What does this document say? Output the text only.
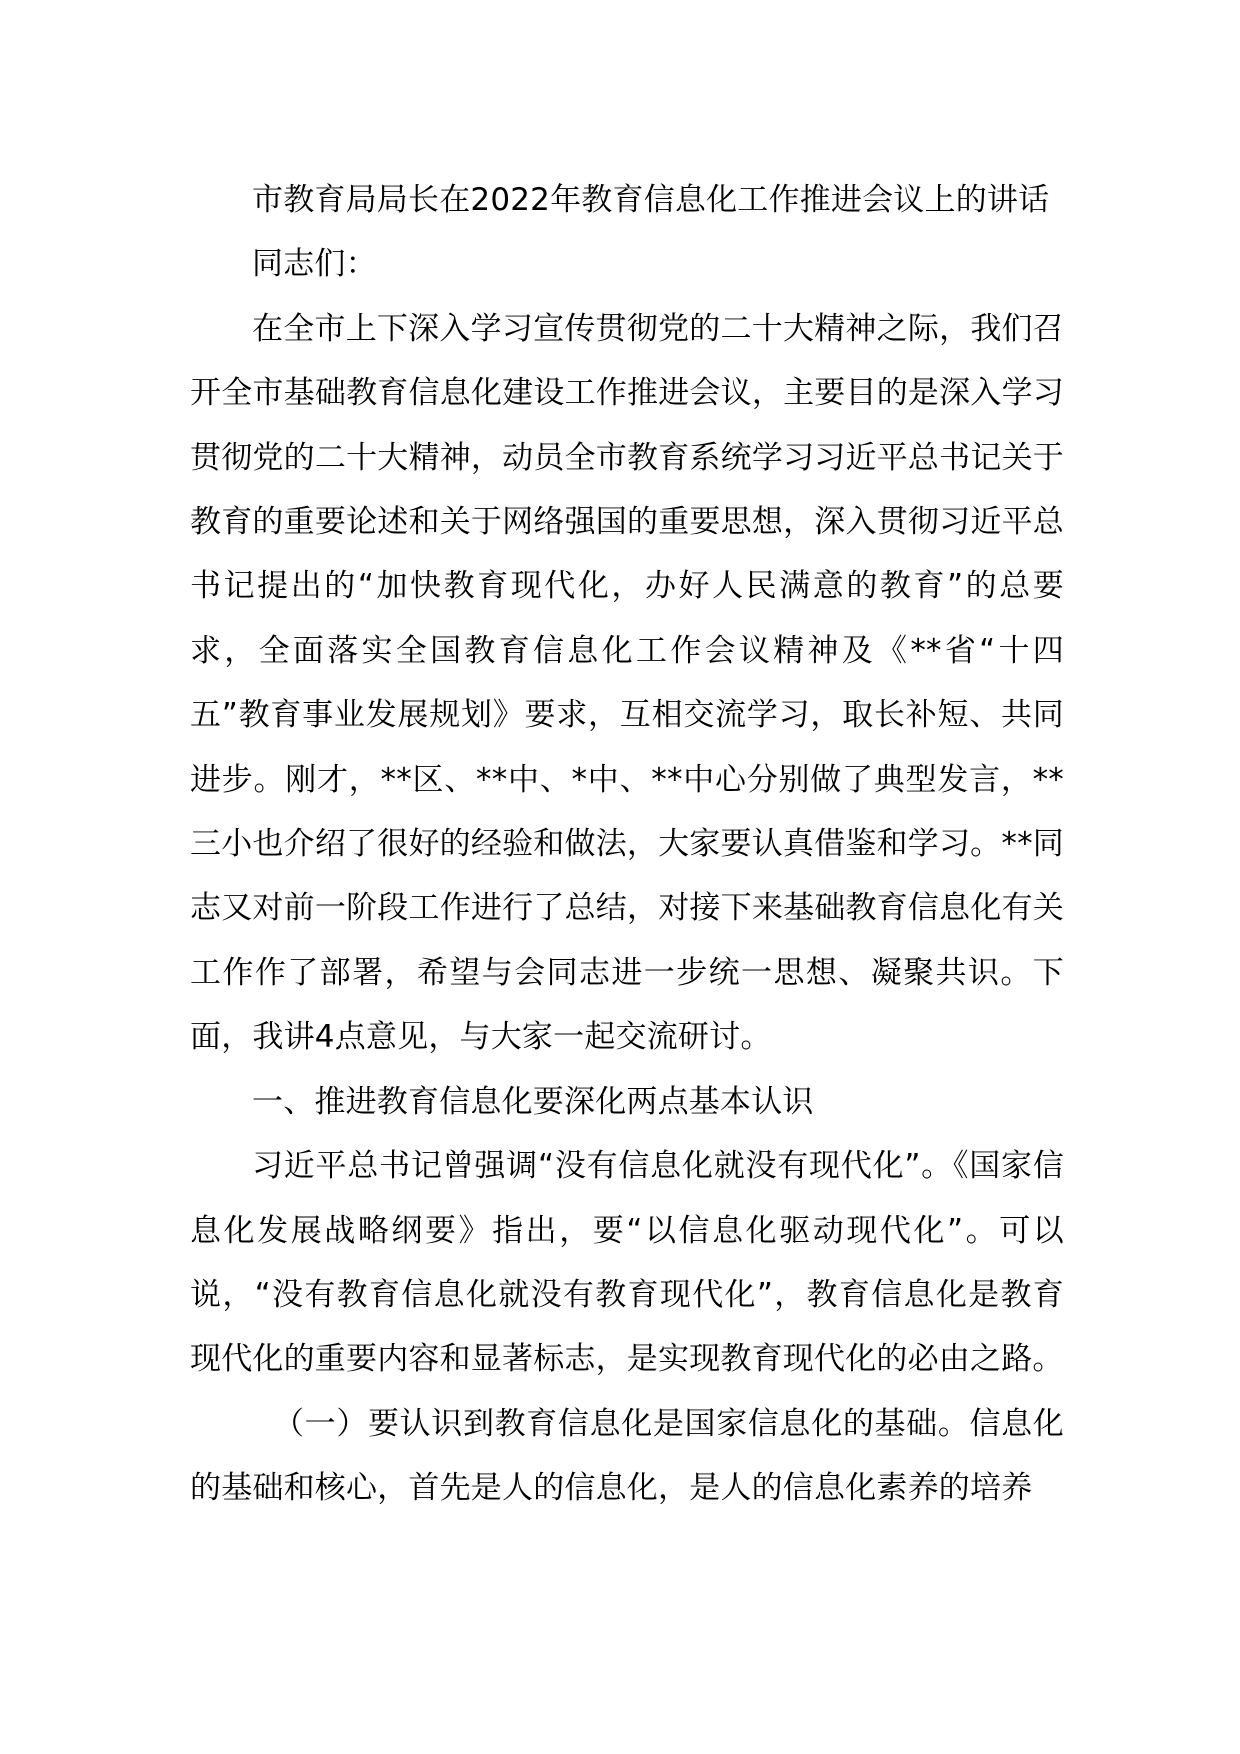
市教育局局长在2022年教育信息化工作推进会议上的讲话

同志们：

在全市上下深入学习宣传贯彻党的二十大精神之际，我们召开全市基础教育信息化建设工作推进会议，主要目的是深入学习贯彻党的二十大精神，动员全市教育系统学习习近平总书记关于教育的重要论述和关于网络强国的重要思想，深入贯彻习近平总书记提出的“加快教育现代化，办好人民满意的教育”的总要求，全面落实全国教育信息化工作会议精神及《**省“十四五”教育事业发展规划》要求，互相交流学习，取长补短、共同进步。刚才，**区、**中、*中、**中心分别做了典型发言，**三小也介绍了很好的经验和做法，大家要认真借鉴和学习。**同志又对前一阶段工作进行了总结，对接下来基础教育信息化有关工作作了部署，希望与会同志进一步统一思想、凝聚共识。下面，我讲4点意见，与大家一起交流研讨。

一、推进教育信息化要深化两点基本认识

习近平总书记曾强调“没有信息化就没有现代化”。《国家信息化发展战略纲要》指出，要“以信息化驱动现代化”。可以说，“没有教育信息化就没有教育现代化”，教育信息化是教育现代化的重要内容和显著标志，是实现教育现代化的必由之路。

（一）要认识到教育信息化是国家信息化的基础。信息化的基础和核心，首先是人的信息化，是人的信息化素养的培养
